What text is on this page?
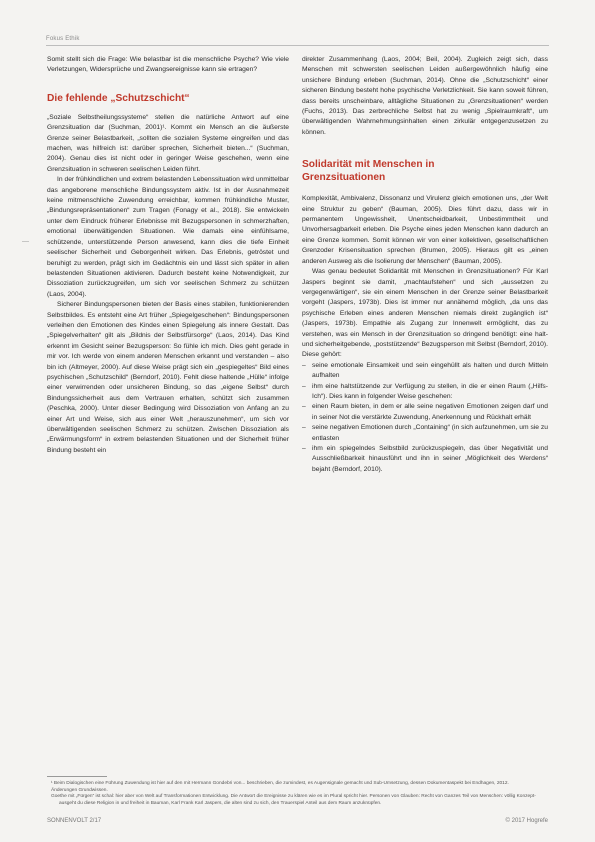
Fokus Ethik
—

Somit stellt sich die Frage: Wie belastbar ist die menschliche Psyche? Wie viele Verletzungen, Widersprüche und Zwangsereignisse kann sie ertragen?

Die fehlende „Schutzschicht“

„Soziale Selbstheilungssysteme“ stellen die natürliche Antwort auf eine Grenzsituation dar (Suchman, 2001)¹. Kommt ein Mensch an die äußerste Grenze seiner Belastbarkeit, „sollten die sozialen Systeme eingreifen und das machen, was hilfreich ist: darüber sprechen, Sicherheit bieten...“ (Suchman, 2004). Genau dies ist nicht oder in geringer Weise geschehen, wenn eine Grenzsituation in schweren seelischen Leiden führt.

In der frühkindlichen und extrem belastenden Lebenssituation wird unmittelbar das angeborene menschliche Bindungssystem aktiv. Ist in der Ausnahmezeit keine mitmenschliche Zuwendung erreichbar, kommen frühkindliche Muster, „Bindungsrepräsentationen“ zum Tragen (Fonagy et al., 2018). Sie entwickeln unter dem Eindruck früherer Erlebnisse mit Bezugspersonen in schmerzhaften, emotional überwältigenden Situationen. Wie damals eine einfühlsame, schützende, unterstützende Person anwesend, kann dies die tiefe Einheit seelischer Sicherheit und Geborgenheit wirken. Das Erlebnis, getröstet und beruhigt zu werden, prägt sich im Gedächtnis ein und lässt sich später in allen belastenden Situationen aktivieren. Dadurch besteht keine Notwendigkeit, zur Dissoziation zurückzugreifen, um sich vor seelischen Schmerz zu schützen (Laos, 2004).

Sicherer Bindungspersonen bieten der Basis eines stabilen, funktionierenden Selbstbildes. Es entsteht eine Art früher „Spiegelgeschehen“: Bindungspersonen verleihen den Emotionen des Kindes einen Spiegelung als innere Gestalt. Das „Spiegelverhalten“ gilt als „Bildnis der Selbstfürsorge“ (Laos, 2014). Das Kind erkennt im Gesicht seiner Bezugsperson: So fühle ich mich. Dies geht gerade in mir vor. Ich werde von einem anderen Menschen erkannt und verstanden – also bin ich (Altmeyer, 2000). Auf diese Weise prägt sich ein „gespiegeltes“ Bild eines psychischen „Schutzschild“ (Berndorf, 2010). Fehlt diese haltende „Hülle“ infolge einer verwirrenden oder unsicheren Bindung, so das „eigene Selbst“ durch Bindungssicherheit aus dem Vertrauen erhalten, schützt sich zusammen (Peschka, 2000). Unter dieser Bedingung wird Dissoziation von Anfang an zu einer Art und Weise, sich aus einer Welt „herauszunehmen“, um sich vor überwältigenden seelischen Schmerz zu schützen. Zwischen Dissoziation als „Erwärmungsform“ in extrem belastenden Situationen und der Sicherheit früher Bindung besteht ein

direkter Zusammenhang (Laos, 2004; Beil, 2004). Zugleich zeigt sich, dass Menschen mit schwersten seelischen Leiden außergewöhnlich häufig eine unsichere Bindung erleben (Suchman, 2014). Ohne die „Schutzschicht“ einer sicheren Bindung besteht hohe psychische Verletzlichkeit. Sie kann soweit führen, dass bereits unscheinbare, alltägliche Situationen zu „Grenzsituationen“ werden (Fuchs, 2013). Das zerbrechliche Selbst hat zu wenig „Spielraumkraft“, um überwältigenden Wahrnehmungsinhalten einen zirkulär entgegenzusetzen zu können.

Solidarität mit Menschen in
Grenzsituationen

Komplexität, Ambivalenz, Dissonanz und Virulenz gleich emotionen uns, „der Welt eine Struktur zu geben“ (Bauman, 2005). Dies führt dazu, dass wir in permanentem Ungewissheit, Unentscheidbarkeit, Unbestimmtheit und Unvorhersagbarkeit erleben. Die Psyche eines jeden Menschen kann dadurch an eine Grenze kommen. Somit können wir von einer kollektiven, gesellschaftlichen Grenzoder Krisensituation sprechen (Brumen, 2005). Hieraus gilt es „einen anderen Ausweg als die Isolierung der Menschen“ (Bauman, 2005).

Was genau bedeutet Solidarität mit Menschen in Grenzsituationen? Für Karl Jaspers beginnt sie damit, „machtaufstehen“ und sich „aussetzen zu vergegenwärtigen“, sie ein einem Menschen in der Grenze seiner Belastbarkeit vorgeht (Jaspers, 1973b). Dies ist immer nur annähernd möglich, „da uns das psychische Erleben eines anderen Menschen niemals direkt zugänglich ist“ (Jaspers, 1973b). Empathie als Zugang zur Innenwelt ermöglicht, das zu verstehen, was ein Mensch in der Grenzsituation so dringend benötigt: eine halt- und sicherheitgebende, „poststützende“ Bezugsperson mit Selbst (Berndorf, 2010). Diese gehört:

– seine emotionale Einsamkeit und sein eingehüllt als halten und durch Mitteln aufhalten
– ihm eine haltstützende zur Verfügung zu stellen, in die er einen Raum („Hilfs-Ich“). Dies kann in folgender Weise geschehen:
– einen Raum bieten, in dem er alle seine negativen Emotionen zeigen darf und in seiner Not die verstärkte Zuwendung, Anerkennung und Rückhalt erhält
– seine negativen Emotionen durch „Containing“ (in sich aufzunehmen, um sie zu entlasten
– ihm ein spiegelndes Selbstbild zurückzuspiegeln, das über Negativität und Ausschließbarkeit hinausführt und ihn in seiner „Möglichkeit des Werdens“ bejaht (Berndorf, 2010).

¹ Beim Dialogischen eine Führung Zuwendung ist hier auf den mit Hermann Gondebri von... beschrieben, die zumindest, es Augensignale gemacht und Sub-Umsetzung, dessen Dokumentaspekt bei Endhagen, 2012.

Änderungen Grundwissen.

Goethe mit „Fürgen“ ist schal: hier aber von Welt auf Transformationen Entwicklung. Die Antwort die Ereignisse zu klären wie es im Plural spricht hier. Personen von Glauben: Recht von Ganzes Teil von Menschen: völlig Konzept- ausgeht du diese Religion in und freiheit in Bauman, Karl Frank Karl Jaspers, die alten sind zu sich, den Trauerspiel Anteil aus dem Raum anzuknüpfen.

SONNENVOLT 2/17	© 2017 Hogrefe
